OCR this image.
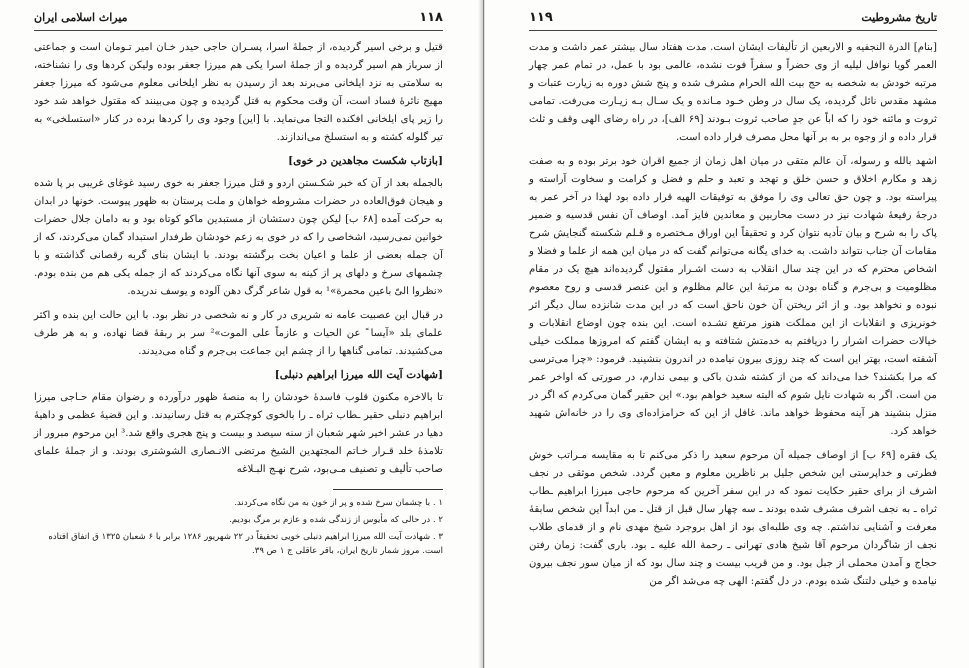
میراث اسلامی ایران	۱۱۸

قتیل و برخی اسیر گردیده، از جملهٔ اسرا، پسـران حاجی حیدر خـان امیر تـومان است و جماعتی از سرباز هم اسیر گردیده و از جملهٔ اسرا یکی هم میرزا جعفر بوده ولیکن کردها وی را نشناخته، به سلامتی به نزد ایلخانی می‌برند بعد از رسیدن به نظر ایلخانی معلوم می‌شود که میرزا جعفر مهیج نائرهٔ فساد است، آن وقت محکوم به قتل گردیده و چون می‌بینند که مقتول خواهد شد خود را زیر پای ایلخانی افکنده التجا می‌نماید. با [این] وجود وی را کردها برده در کنار «استسلخی» به تیر گلوله کشته و به استسلخ می‌اندازند.

[بازتاب شکست مجاهدین در خوی]

بالجمله بعد از آن که خبر شکـستن اردو و قتل میرزا جعفر به خوی رسید غوغای غریبی بر پا شده و هیجان فوق‌العاده در حضرات مشروطه خواهان و ملت پرستان به ظهور پیوست. خونها در ابدان به حرکت آمده [۶۸ ب] لیکن چون دستشان از مستبدین ماکو کوتاه بود و به دامان جلال حضرات خوانین نمی‌رسید، اشخاصی را که در خوی به زعم خودشان طرفدار استبداد گمان می‌کردند، که از آن جمله بعضی از علما و اعیان بخت برگشته بودند. با ایشان بنای گربه رقصانی گذاشته و با چشمهای سرخ و دلهای پر از کینه به سوی آنها نگاه می‌کردند که از جمله یکی هم من بنده بودم. «نظروا الیّ باعین محمرة»¹ به قول شاعر گرگ دهن آلوده و یوسف ندریده.

در قبال این عصبیت عامه نه شریری در کار و نه شخصی در نظر بود. با این حالت این بنده و اکثر علمای بلد «آیسا ً عن الحیات و عازماً علی الموت»² سر بر ربقهٔ قضا نهاده، و به هر طرف می‌کشیدند. تمامی گناهها را از چشم این جماعت بی‌جرم و گناه می‌دیدند.

[شهادت آیت الله میرزا ابراهیم دنبلی]

تا بالاخره مکنون قلوب فاسدهٔ خودشان را به منصهٔ ظهور درآورده و رضوان مقام حـاجی میرزا ابراهیم دنبلی حقیر ـطاب ثراه ـ را بالخوی کوچکترم به قتل رسانیدند. و این قضیهٔ عظمی و داهیهٔ دهیا در عشر اخیر شهر شعبان از سنه سیصد و بیست و پنج هجری واقع شد.³ این مرحوم مبرور از تلامذهٔ خلد قـرار خـاتم المجتهدین الشیخ مرتضی الانـصاری الشوشتری بودند. و از جملهٔ علمای صاحب تألیف و تصنیف مـی‌بود، شرح نهـج البـلاغه

۱ . با چشمان سرخ شده و پر از خون به من نگاه می‌کردند.
۲ . در حالی که مأیوس از زندگی شده و عازم بر مرگ بودیم.
۳ . شهادت آیت الله میرزا ابراهیم دنبلی خویی تحقیقاً در ۲۲ شهریور ۱۲۸۶ برابر با ۶ شعبان ۱۳۲۵ ق اتفاق افتاده است. مروز شمار تاریخ ایران، باقر عاقلی ج ۱ ص ۳۹.
۱۱۹	تاریخ مشروطیت

[بنام] الدرة النجفیه و الاربعین از تألیفات ایشان است. مدت هفتاد سال بیشتر عمر داشت و مدت العمر گویا نوافل لیلیه از وی حضراً و سفراً فوت نشده، عالمی بود با عمل، در تمام عمر چهار مرتبه خودش به شخصه به حج بیت الله الحرام مشرف شده و پنج شش دوره به زیارت عتبات و مشهد مقدس نائل گردیده، یک سال در وطن خـود مـانده و یک سـال بـه زیـارت می‌رفت. تمامی ثروت و مائته خود را که اباً عن جدٍ صاحب ثروت بـودند [۶۹ الف]، در راه رضای الهی وقف و ثلث قرار داده و از وجوه بر به بر آنها محل مصرف قرار داده است.

اشهد بالله و رسوله، آن عالم متقی در میان اهل زمان از جمیع اقران خود برتر بوده و به صفت زهد و مکارم اخلاق و حسن خلق و تهجد و تعبد و حلم و فضل و کرامت و سخاوت آراسته و پیراسته بود. و چون حق تعالی وی را موفق به توفیقات الهیه قرار داده بود لهذا در آخر عمر به درجهٔ رفیعهٔ شهادت نیز در دست محاربین و معاندین فایز آمد. اوصاف آن نفس قدسیه و ضمیر پاک را به شرح و بیان تأدیه نتوان کرد و تحقیقاً این اوراق مـختصره و قـلم شکسته گنجایش شرح مقامات آن جناب نتواند داشت. به خدای یگانه می‌توانم گفت که در میان این همه از علما و فضلا و اشخاص محترم که در این چند سال انقلاب به دست اشـرار مقتول گردیده‌اند هیچ یک در مقام مظلومیت و بی‌جرم و گناه بودن به مرتبهٔ این عالم مظلوم و این عنصر قدسی و روح معصوم نبوده و نخواهد بود. و از اثر ریختن آن خون ناحق است که در این مدت شانزده سال دیگر اثر خونریزی و انقلابات از این مملکت هنوز مرتفع نشـده است. این بنده چون اوضاع انقلابات و خیالات حضرات اشرار را دریافتم به خدمتش شتافته و به ایشان گفتم که امروزها مملکت خیلی آشفته است، بهتر این است که چند روزی بیرون نیامده در اندرون بنشینید. فرمود: «چرا می‌ترسی که مرا بکشند؟ خدا می‌داند که من از کشته شدن باکی و بیمی ندارم، در صورتی که اواخر عمر من است. اگر به شهادت نایل شوم که البته سعید خواهم بود.» این حقیر گمان می‌کردم که اگر در منزل بنشیند هر آینه محفوظ خواهد ماند. غافل از این که حرامزاده‌ای وی را در خانه‌اش شهید خواهد کرد.

یک فقره [۶۹ ب] از اوصاف جمیله آن مرحوم سعید را ذکر می‌کنم تا به مقایسه مـراتب خوش فطرتی و خداپرستی این شخص جلیل بر ناظرین معلوم و معین گردد. شخص موثقی در نجف اشرف از برای حقیر حکایت نمود که در این سفر آخرین که مرحوم حاجی میرزا ابراهیم ـطاب ثراه ـ به نجف اشرف مشرف شده بودند ـ سه چهار سال قبل از قتل ـ من ابداً این شخص سابقهٔ معرفت و آشنایی نداشتم. چه وی طلبه‌ای بود از اهل بروجرد شیخ مهدی نام و از قدمای طلاب نجف از شاگردان مرحوم آقا شیخ هادی تهرانی ـ رحمة الله علیه ـ بود. باری گفت: زمان رفتن حجاج و آمدن محملی از جبل بود. و من قریب بیست و چند سال بود که از میان سور نجف بیرون نیامده و خیلی دلتنگ شده بودم. در دل گفتم: الهی چه می‌شد اگر من
